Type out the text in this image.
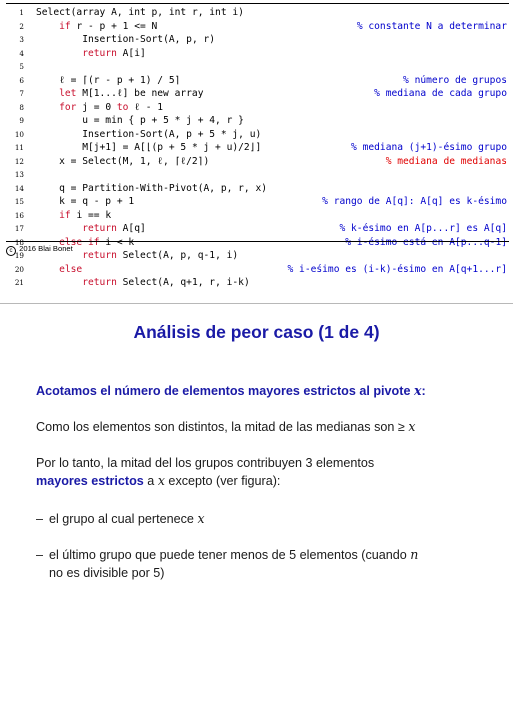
1 Select(array A, int p, int r, int i)
2	if r - p + 1 <= N	% constante N a determinar
3 Insertion-Sort(A, p, r)
4	return A[i]
5
6 ℓ = ⌈(r - p + 1) / 5⌉	% número de grupos
7	let M[1...ℓ] be new array	% mediana de cada grupo
8	for j = 0 to ℓ - 1
9 u = min { p + 5 * j + 4, r }
10 Insertion-Sort(A, p + 5 * j, u)
11 M[j+1] = A[⌊(p + 5 * j + u)/2⌋]	% mediana (j+1)-ésimo grupo
12 x = Select(M, 1, ℓ, ⌈ℓ/2⌉)	% mediana de medianas
13
14 q = Partition-With-Pivot(A, p, r, x)
15 k = q - p + 1	% rango de A[q]: A[q] es k-ésimo
16	if i == k
17	return A[q]	% k-ésimo en A[p...r] es A[q]
18	else if i < k	% i-ésimo está en A[p...q-1]
19	return Select(A, p, q-1, i)
20	else	% i-eśimo es (i-k)-ésimo en A[q+1...r]
21	return Select(A, q+1, r, i-k)
c 2016 Blai Bonet
Análisis de peor caso (1 de 4)
Acotamos el número de elementos mayores estrictos al pivote x:
Como los elementos son distintos, la mitad de las medianas son ≥ x
Por lo tanto, la mitad del los grupos contribuyen 3 elementos
mayores estrictos a x excepto (ver figura):
– el grupo al cual pertenece x
– el último grupo que puede tener menos de 5 elementos (cuando n
no es divisible por 5)
